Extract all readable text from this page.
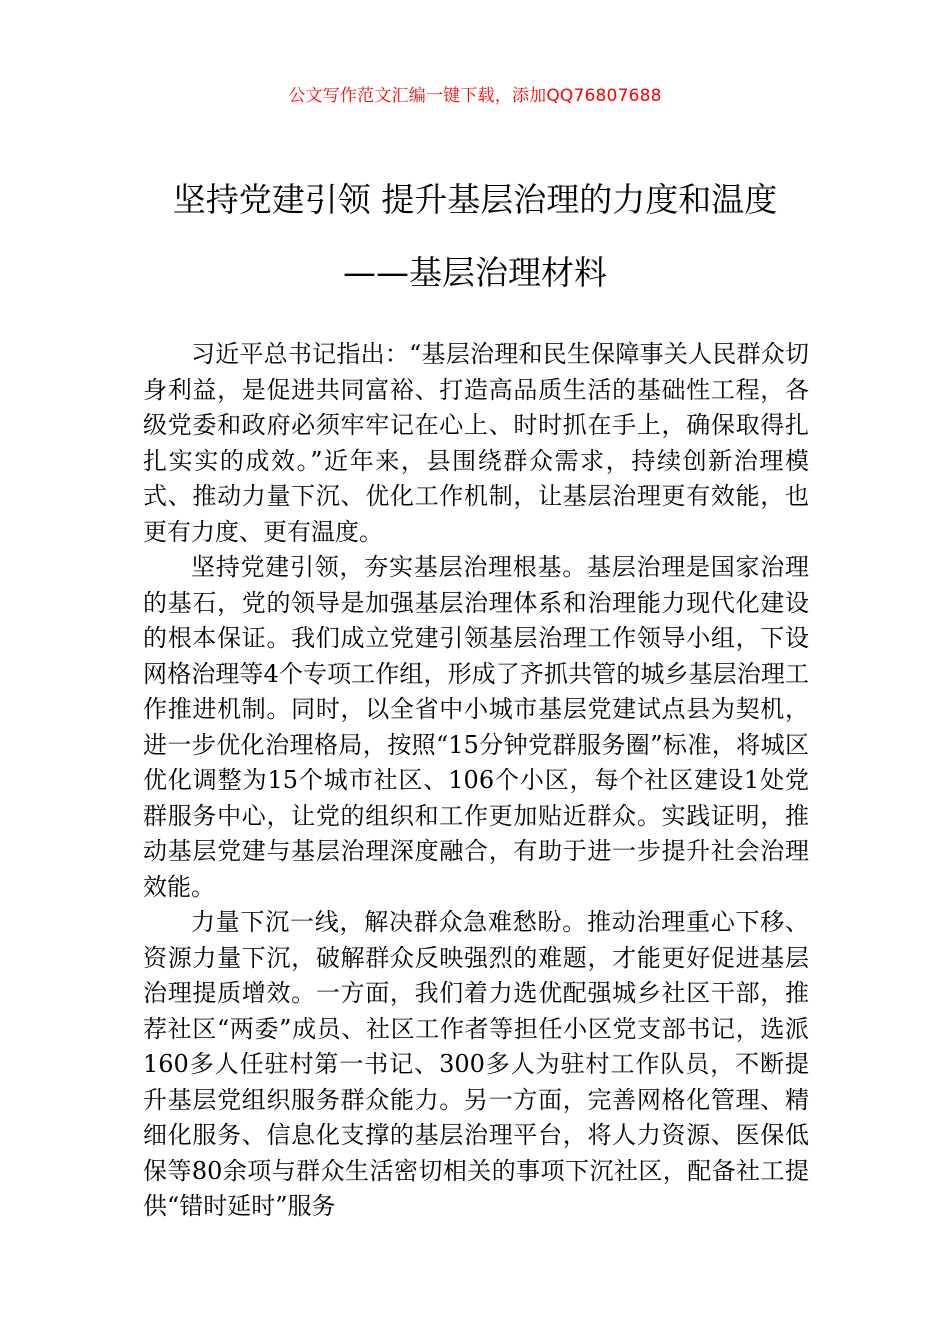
公文写作范文汇编一键下载，添加QQ76807688
坚持党建引领 提升基层治理的力度和温度
——基层治理材料

习近平总书记指出：“基层治理和民生保障事关人民群众切身利益，是促进共同富裕、打造高品质生活的基础性工程，各级党委和政府必须牢牢记在心上、时时抓在手上，确保取得扎扎实实的成效。”近年来，县围绕群众需求，持续创新治理模式、推动力量下沉、优化工作机制，让基层治理更有效能，也更有力度、更有温度。

坚持党建引领，夯实基层治理根基。基层治理是国家治理的基石，党的领导是加强基层治理体系和治理能力现代化建设的根本保证。我们成立党建引领基层治理工作领导小组，下设网格治理等4个专项工作组，形成了齐抓共管的城乡基层治理工作推进机制。同时，以全省中小城市基层党建试点县为契机，进一步优化治理格局，按照“15分钟党群服务圈”标准，将城区优化调整为15个城市社区、106个小区，每个社区建设1处党群服务中心，让党的组织和工作更加贴近群众。实践证明，推动基层党建与基层治理深度融合，有助于进一步提升社会治理效能。

力量下沉一线，解决群众急难愁盼。推动治理重心下移、资源力量下沉，破解群众反映强烈的难题，才能更好促进基层治理提质增效。一方面，我们着力选优配强城乡社区干部，推荐社区“两委”成员、社区工作者等担任小区党支部书记，选派160多人任驻村第一书记、300多人为驻村工作队员，不断提升基层党组织服务群众能力。另一方面，完善网格化管理、精细化服务、信息化支撑的基层治理平台，将人力资源、医保低保等80余项与群众生活密切相关的事项下沉社区，配备社工提供“错时延时”服务
